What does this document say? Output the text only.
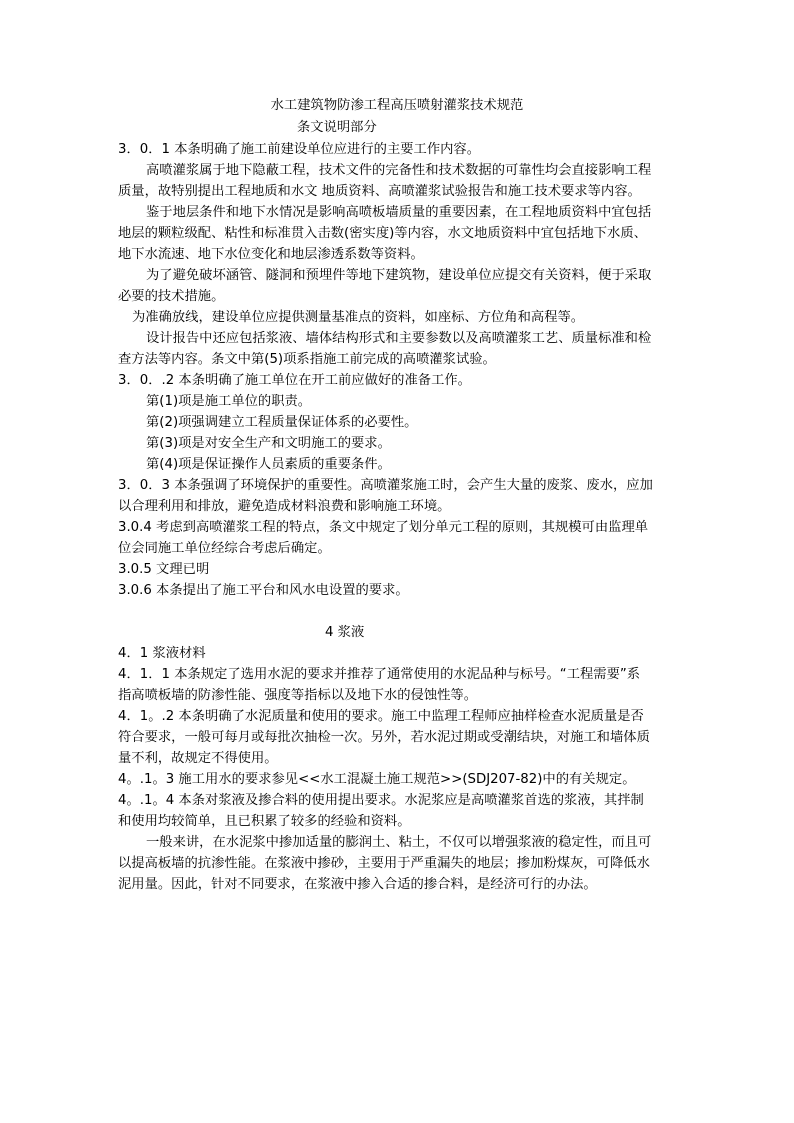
水工建筑物防渗工程高压喷射灌浆技术规范
条文说明部分
3．0．1 本条明确了施工前建设单位应进行的主要工作内容。
高喷灌浆属于地下隐蔽工程，技术文件的完备性和技术数据的可靠性均会直接影响工程
质量，故特别提出工程地质和水文 地质资料、高喷灌浆试验报告和施工技术要求等内容。
鉴于地层条件和地下水情况是影响高喷板墙质量的重要因素，在工程地质资料中宜包括
地层的颗粒级配、粘性和标准贯入击数(密实度)等内容，水文地质资料中宜包括地下水质、
地下水流速、地下水位变化和地层渗透系数等资料。
为了避免破坏涵管、隧洞和预埋件等地下建筑物，建设单位应提交有关资料，便于采取
必要的技术措施。
为准确放线，建设单位应提供测量基准点的资料，如座标、方位角和高程等。
设计报告中还应包括浆液、墙体结构形式和主要参数以及高喷灌浆工艺、质量标准和检
查方法等内容。条文中第(5)项系指施工前完成的高喷灌浆试验。
3．0．.2 本条明确了施工单位在开工前应做好的准备工作。
第(1)项是施工单位的职责。
第(2)项强调建立工程质量保证体系的必要性。
第(3)项是对安全生产和文明施工的要求。
第(4)项是保证操作人员素质的重要条件。
3．0．3 本条强调了环境保护的重要性。高喷灌浆施工时，会产生大量的废浆、废水，应加
以合理利用和排放，避免造成材料浪费和影响施工环境。
3.0.4 考虑到高喷灌浆工程的特点，条文中规定了划分单元工程的原则，其规模可由监理单
位会同施工单位经综合考虑后确定。
3.0.5 文理已明
3.0.6 本条提出了施工平台和风水电设置的要求。
4 浆液
4．1 浆液材料
4．1．1 本条规定了选用水泥的要求并推荐了通常使用的水泥品种与标号。“工程需要”系
指高喷板墙的防渗性能、强度等指标以及地下水的侵蚀性等。
4．1。.2 本条明确了水泥质量和使用的要求。施工中监理工程师应抽样检查水泥质量是否
符合要求，一般可每月或每批次抽检一次。另外，若水泥过期或受潮结块，对施工和墙体质
量不利，故规定不得使用。
4。.1。3 施工用水的要求参见<<水工混凝土施工规范>>(SDJ207-82)中的有关规定。
4。.1。4 本条对浆液及掺合料的使用提出要求。水泥浆应是高喷灌浆首选的浆液，其拌制
和使用均较简单，且已积累了较多的经验和资料。
一般来讲，在水泥浆中掺加适量的膨润土、粘土，不仅可以增强浆液的稳定性，而且可
以提高板墙的抗渗性能。在浆液中掺砂，主要用于严重漏失的地层；掺加粉煤灰，可降低水
泥用量。因此，针对不同要求，在浆液中掺入合适的掺合料，是经济可行的办法。
